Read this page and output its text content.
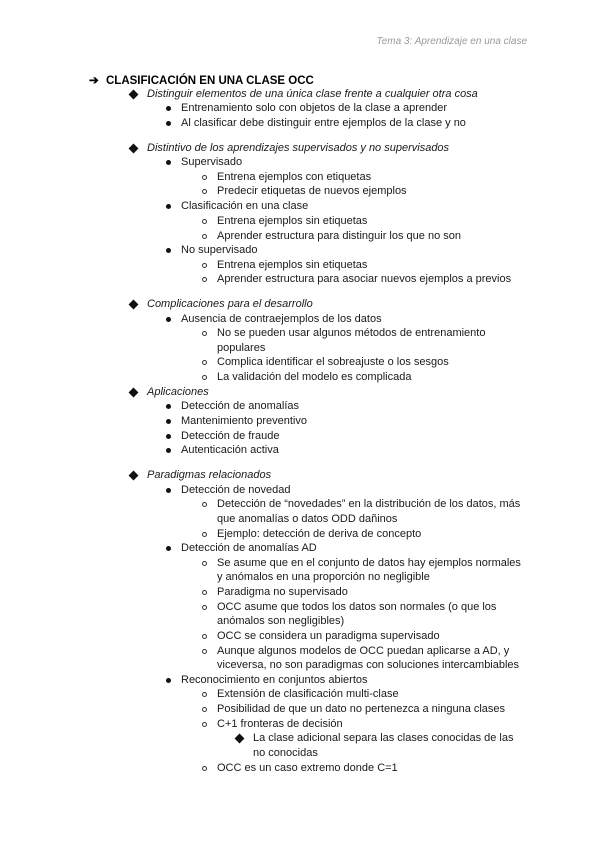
Tema 3: Aprendizaje en una clase
➔ CLASIFICACIÓN EN UNA CLASE OCC
Distinguir elementos de una única clase frente a cualquier otra cosa
Entrenamiento solo con objetos de la clase a aprender
Al clasificar debe distinguir entre ejemplos de la clase y no
Distintivo de los aprendizajes supervisados y no supervisados
Supervisado
Entrena ejemplos con etiquetas
Predecir etiquetas de nuevos ejemplos
Clasificación en una clase
Entrena ejemplos sin etiquetas
Aprender estructura para distinguir los que no son
No supervisado
Entrena ejemplos sin etiquetas
Aprender estructura para asociar nuevos ejemplos a previos
Complicaciones para el desarrollo
Ausencia de contraejemplos de los datos
No se pueden usar algunos métodos de entrenamiento
populares
Complica identificar el sobreajuste o los sesgos
La validación del modelo es complicada
Aplicaciones
Detección de anomalías
Mantenimiento preventivo
Detección de fraude
Autenticación activa
Paradigmas relacionados
Detección de novedad
Detección de “novedades” en la distribución de los datos, más
que anomalías o datos ODD dañinos
Ejemplo: detección de deriva de concepto
Detección de anomalías AD
Se asume que en el conjunto de datos hay ejemplos normales
y anómalos en una proporción no negligible
Paradigma no supervisado
OCC asume que todos los datos son normales (o que los
anómalos son negligibles)
OCC se considera un paradigma supervisado
Aunque algunos modelos de OCC puedan aplicarse a AD, y
viceversa, no son paradigmas con soluciones intercambiables
Reconocimiento en conjuntos abiertos
Extensión de clasificación multi-clase
Posibilidad de que un dato no pertenezca a ninguna clases
C+1 fronteras de decisión
La clase adicional separa las clases conocidas de las
no conocidas
OCC es un caso extremo donde C=1
